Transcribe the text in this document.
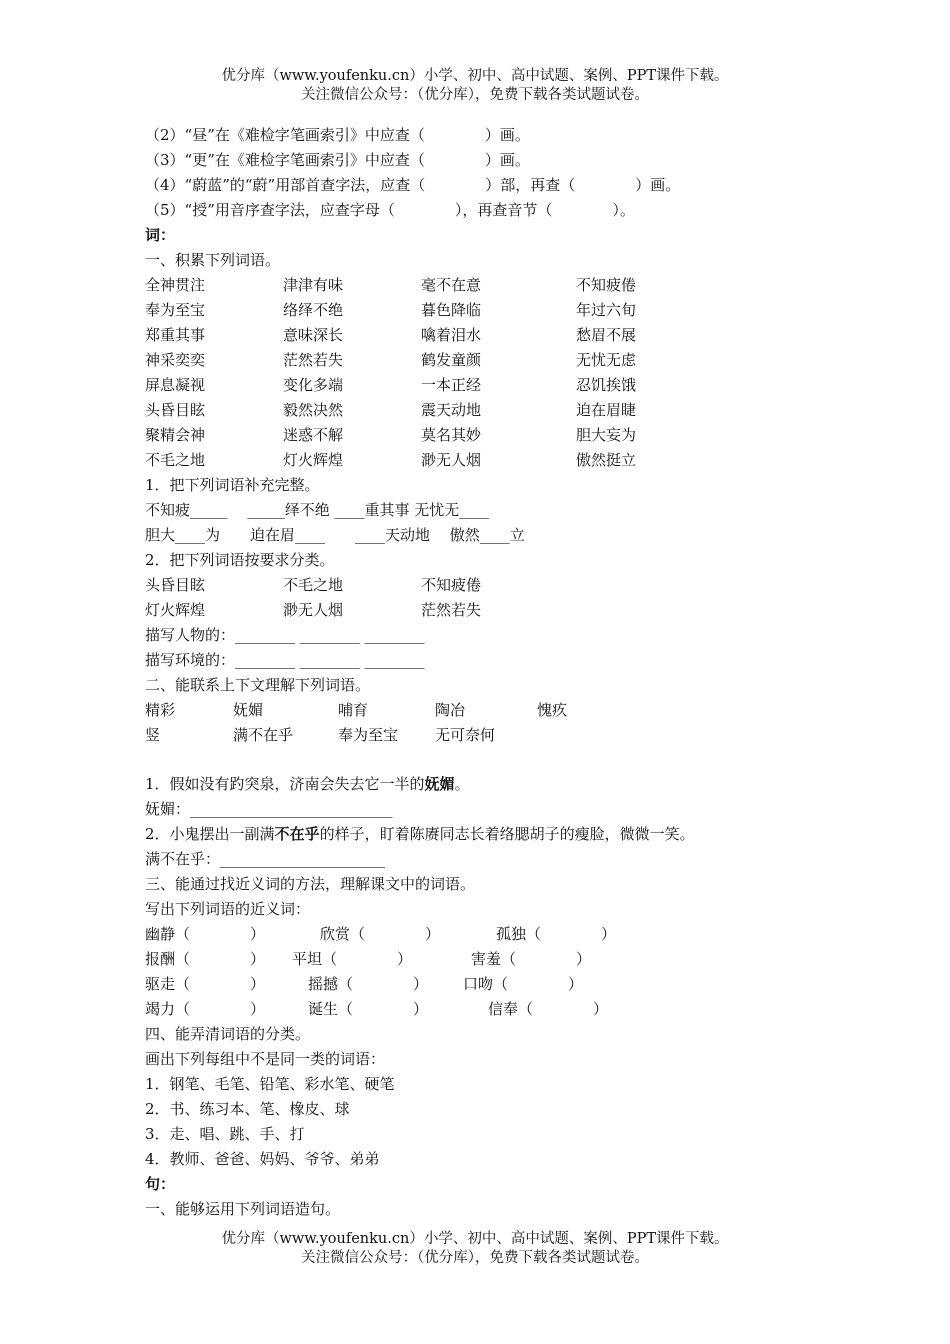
优分库（www.youfenku.cn）小学、初中、高中试题、案例、PPT课件下载。
关注微信公众号：（优分库），免费下载各类试题试卷。
（2）“昼”在《难检字笔画索引》中应查（　　　　）画。
（3）“更”在《难检字笔画索引》中应查（　　　　）画。
（4）“蔚蓝”的“蔚”用部首查字法，应查（　　　　）部，再查（　　　　）画。
（5）“授”用音序查字法，应查字母（　　　　），再查音节（　　　　）。
词：
一、积累下列词语。
全神贯注	津津有味	毫不在意	不知疲倦
奉为至宝	络绎不绝	暮色降临	年过六旬
郑重其事	意味深长	噙着泪水	愁眉不展
神采奕奕	茫然若失	鹤发童颜	无忧无虑
屏息凝视	变化多端	一本正经	忍饥挨饿
头昏目眩	毅然决然	震天动地	迫在眉睫
聚精会神	迷惑不解	莫名其妙	胆大妄为
不毛之地	灯火辉煌	渺无人烟	傲然挺立
1．把下列词语补充完整。
不知疲_____　 _____绎不绝 ____重其事 无忧无____
胆大____为　　迫在眉____　　____天动地　 傲然____立
2．把下列词语按要求分类。
头昏目眩	不毛之地	不知疲倦
灯火辉煌	渺无人烟	茫然若失
描写人物的：________ ________ ________
描写环境的：________ ________ ________
二、能联系上下文理解下列词语。
精彩	妩媚	哺育	陶冶	愧疚
竖	满不在乎	奉为至宝 无可奈何
1．假如没有趵突泉，济南会失去它一半的妩媚。
妩媚：___________________________
2．小鬼摆出一副满不在乎的样子，盯着陈赓同志长着络腮胡子的瘦脸，微微一笑。
满不在乎：______________________
三、能通过找近义词的方法，理解课文中的词语。
写出下列词语的近义词：
幽静（　　　　）	欣赏（　　　　）	孤独（　　　　）
报酬（　　　　） 平坦（　　　　）	害羞（　　　　）
驱走（　　　　）	摇撼（　　　　） 口吻（　　　　）
竭力（　　　　）	诞生（　　　　）	信奉（　　　　）
四、能弄清词语的分类。
画出下列每组中不是同一类的词语：
1．钢笔、毛笔、铅笔、彩水笔、硬笔
2．书、练习本、笔、橡皮、球
3．走、唱、跳、手、打
4．教师、爸爸、妈妈、爷爷、弟弟
句：
一、能够运用下列词语造句。
优分库（www.youfenku.cn）小学、初中、高中试题、案例、PPT课件下载。
关注微信公众号：（优分库），免费下载各类试题试卷。
